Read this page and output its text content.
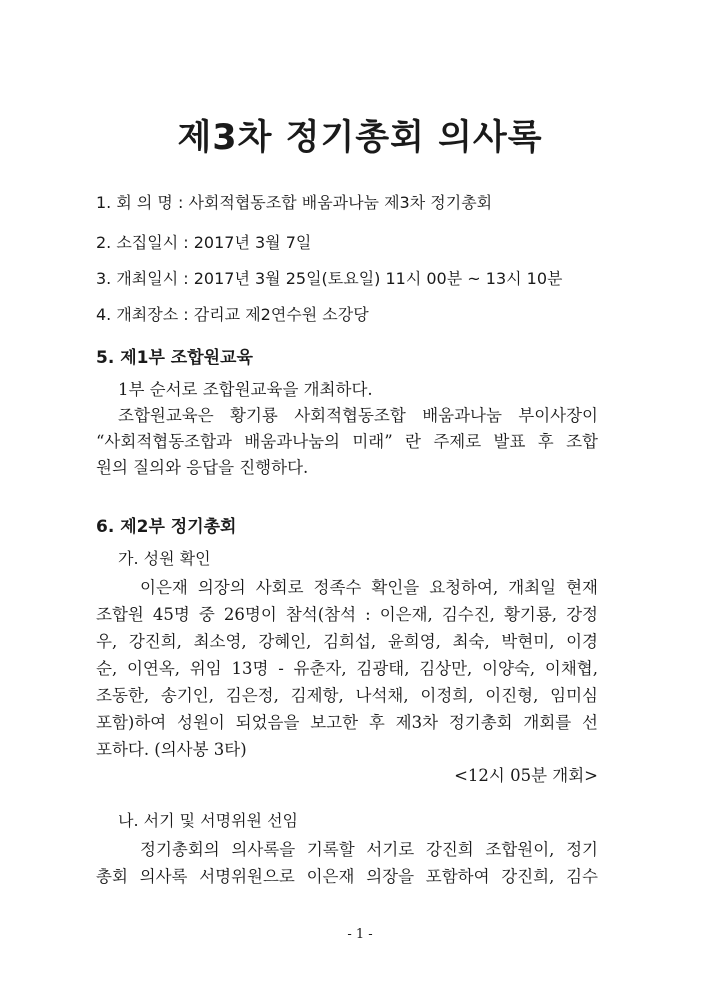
제3차 정기총회 의사록
1. 회 의 명 : 사회적협동조합 배움과나눔 제3차 정기총회
2. 소집일시 : 2017년 3월 7일
3. 개최일시 : 2017년 3월 25일(토요일) 11시 00분 ~ 13시 10분
4. 개최장소 : 감리교 제2연수원 소강당
5. 제1부 조합원교육
1부 순서로 조합원교육을 개최하다.
조합원교육은 황기룡 사회적협동조합 배움과나눔 부이사장이
“사회적협동조합과 배움과나눔의 미래” 란 주제로 발표 후 조합
원의 질의와 응답을 진행하다.
6. 제2부 정기총회
가. 성원 확인
이은재 의장의 사회로 정족수 확인을 요청하여, 개최일 현재
조합원 45명 중 26명이 참석(참석 : 이은재, 김수진, 황기룡, 강정
우, 강진희, 최소영, 강혜인, 김희섭, 윤희영, 최숙, 박현미, 이경
순, 이연옥, 위임 13명 - 유춘자, 김광태, 김상만, 이양숙, 이채협,
조동한, 송기인, 김은정, 김제항, 나석채, 이정희, 이진형, 임미심
포함)하여 성원이 되었음을 보고한 후 제3차 정기총회 개회를 선
포하다. (의사봉 3타)
<12시 05분 개회>
나. 서기 및 서명위원 선임
정기총회의 의사록을 기록할 서기로 강진희 조합원이, 정기
총회 의사록 서명위원으로 이은재 의장을 포함하여 강진희, 김수
- 1 -
